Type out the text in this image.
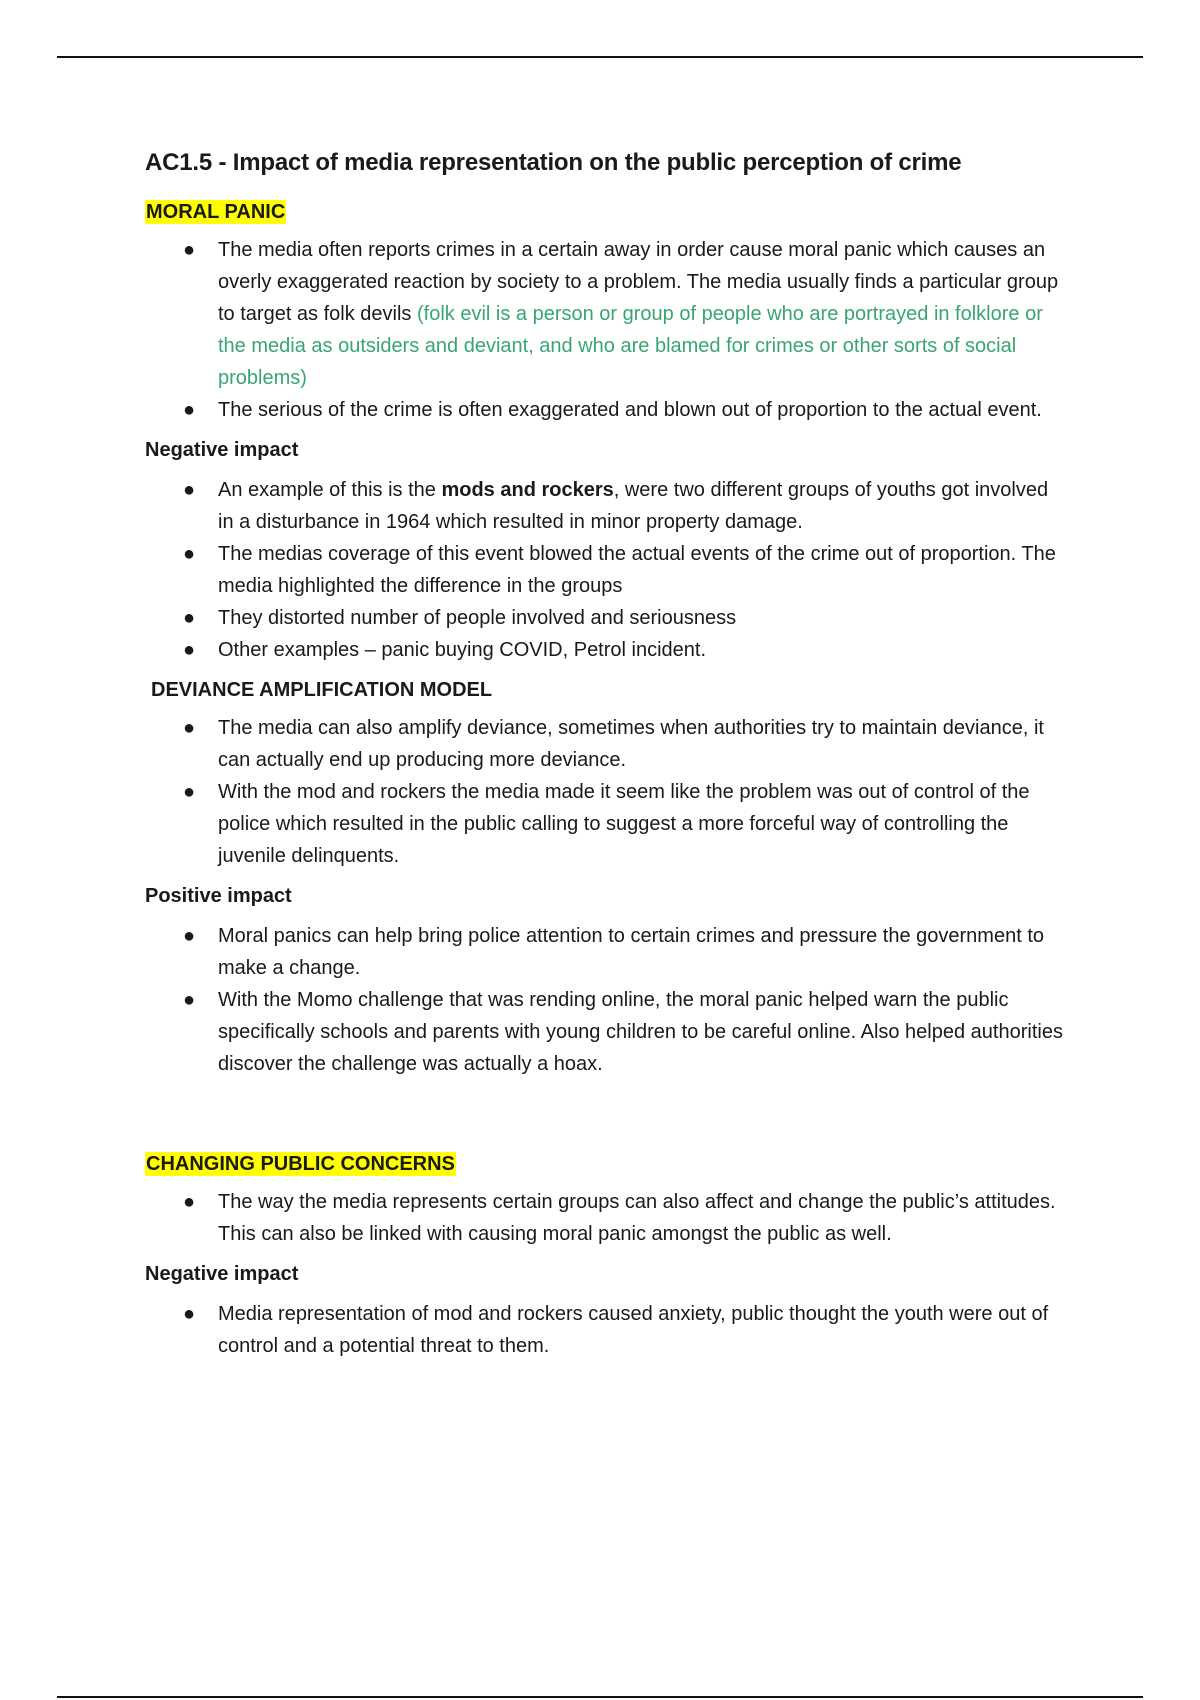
AC1.5 - Impact of media representation on the public perception of crime
MORAL PANIC
● The media often reports crimes in a certain away in order cause moral panic which causes an overly exaggerated reaction by society to a problem. The media usually finds a particular group to target as folk devils (folk evil is a person or group of people who are portrayed in folklore or the media as outsiders and deviant, and who are blamed for crimes or other sorts of social problems)
● The serious of the crime is often exaggerated and blown out of proportion to the actual event.
Negative impact
● An example of this is the mods and rockers, were two different groups of youths got involved in a disturbance in 1964 which resulted in minor property damage.
● The medias coverage of this event blowed the actual events of the crime out of proportion. The media highlighted the difference in the groups
● They distorted number of people involved and seriousness
● Other examples – panic buying COVID, Petrol incident.
DEVIANCE AMPLIFICATION MODEL
● The media can also amplify deviance, sometimes when authorities try to maintain deviance, it can actually end up producing more deviance.
● With the mod and rockers the media made it seem like the problem was out of control of the police which resulted in the public calling to suggest a more forceful way of controlling the juvenile delinquents.
Positive impact
● Moral panics can help bring police attention to certain crimes and pressure the government to make a change.
● With the Momo challenge that was rending online, the moral panic helped warn the public specifically schools and parents with young children to be careful online. Also helped authorities discover the challenge was actually a hoax.
CHANGING PUBLIC CONCERNS
● The way the media represents certain groups can also affect and change the public’s attitudes. This can also be linked with causing moral panic amongst the public as well.
Negative impact
● Media representation of mod and rockers caused anxiety, public thought the youth were out of control and a potential threat to them.
